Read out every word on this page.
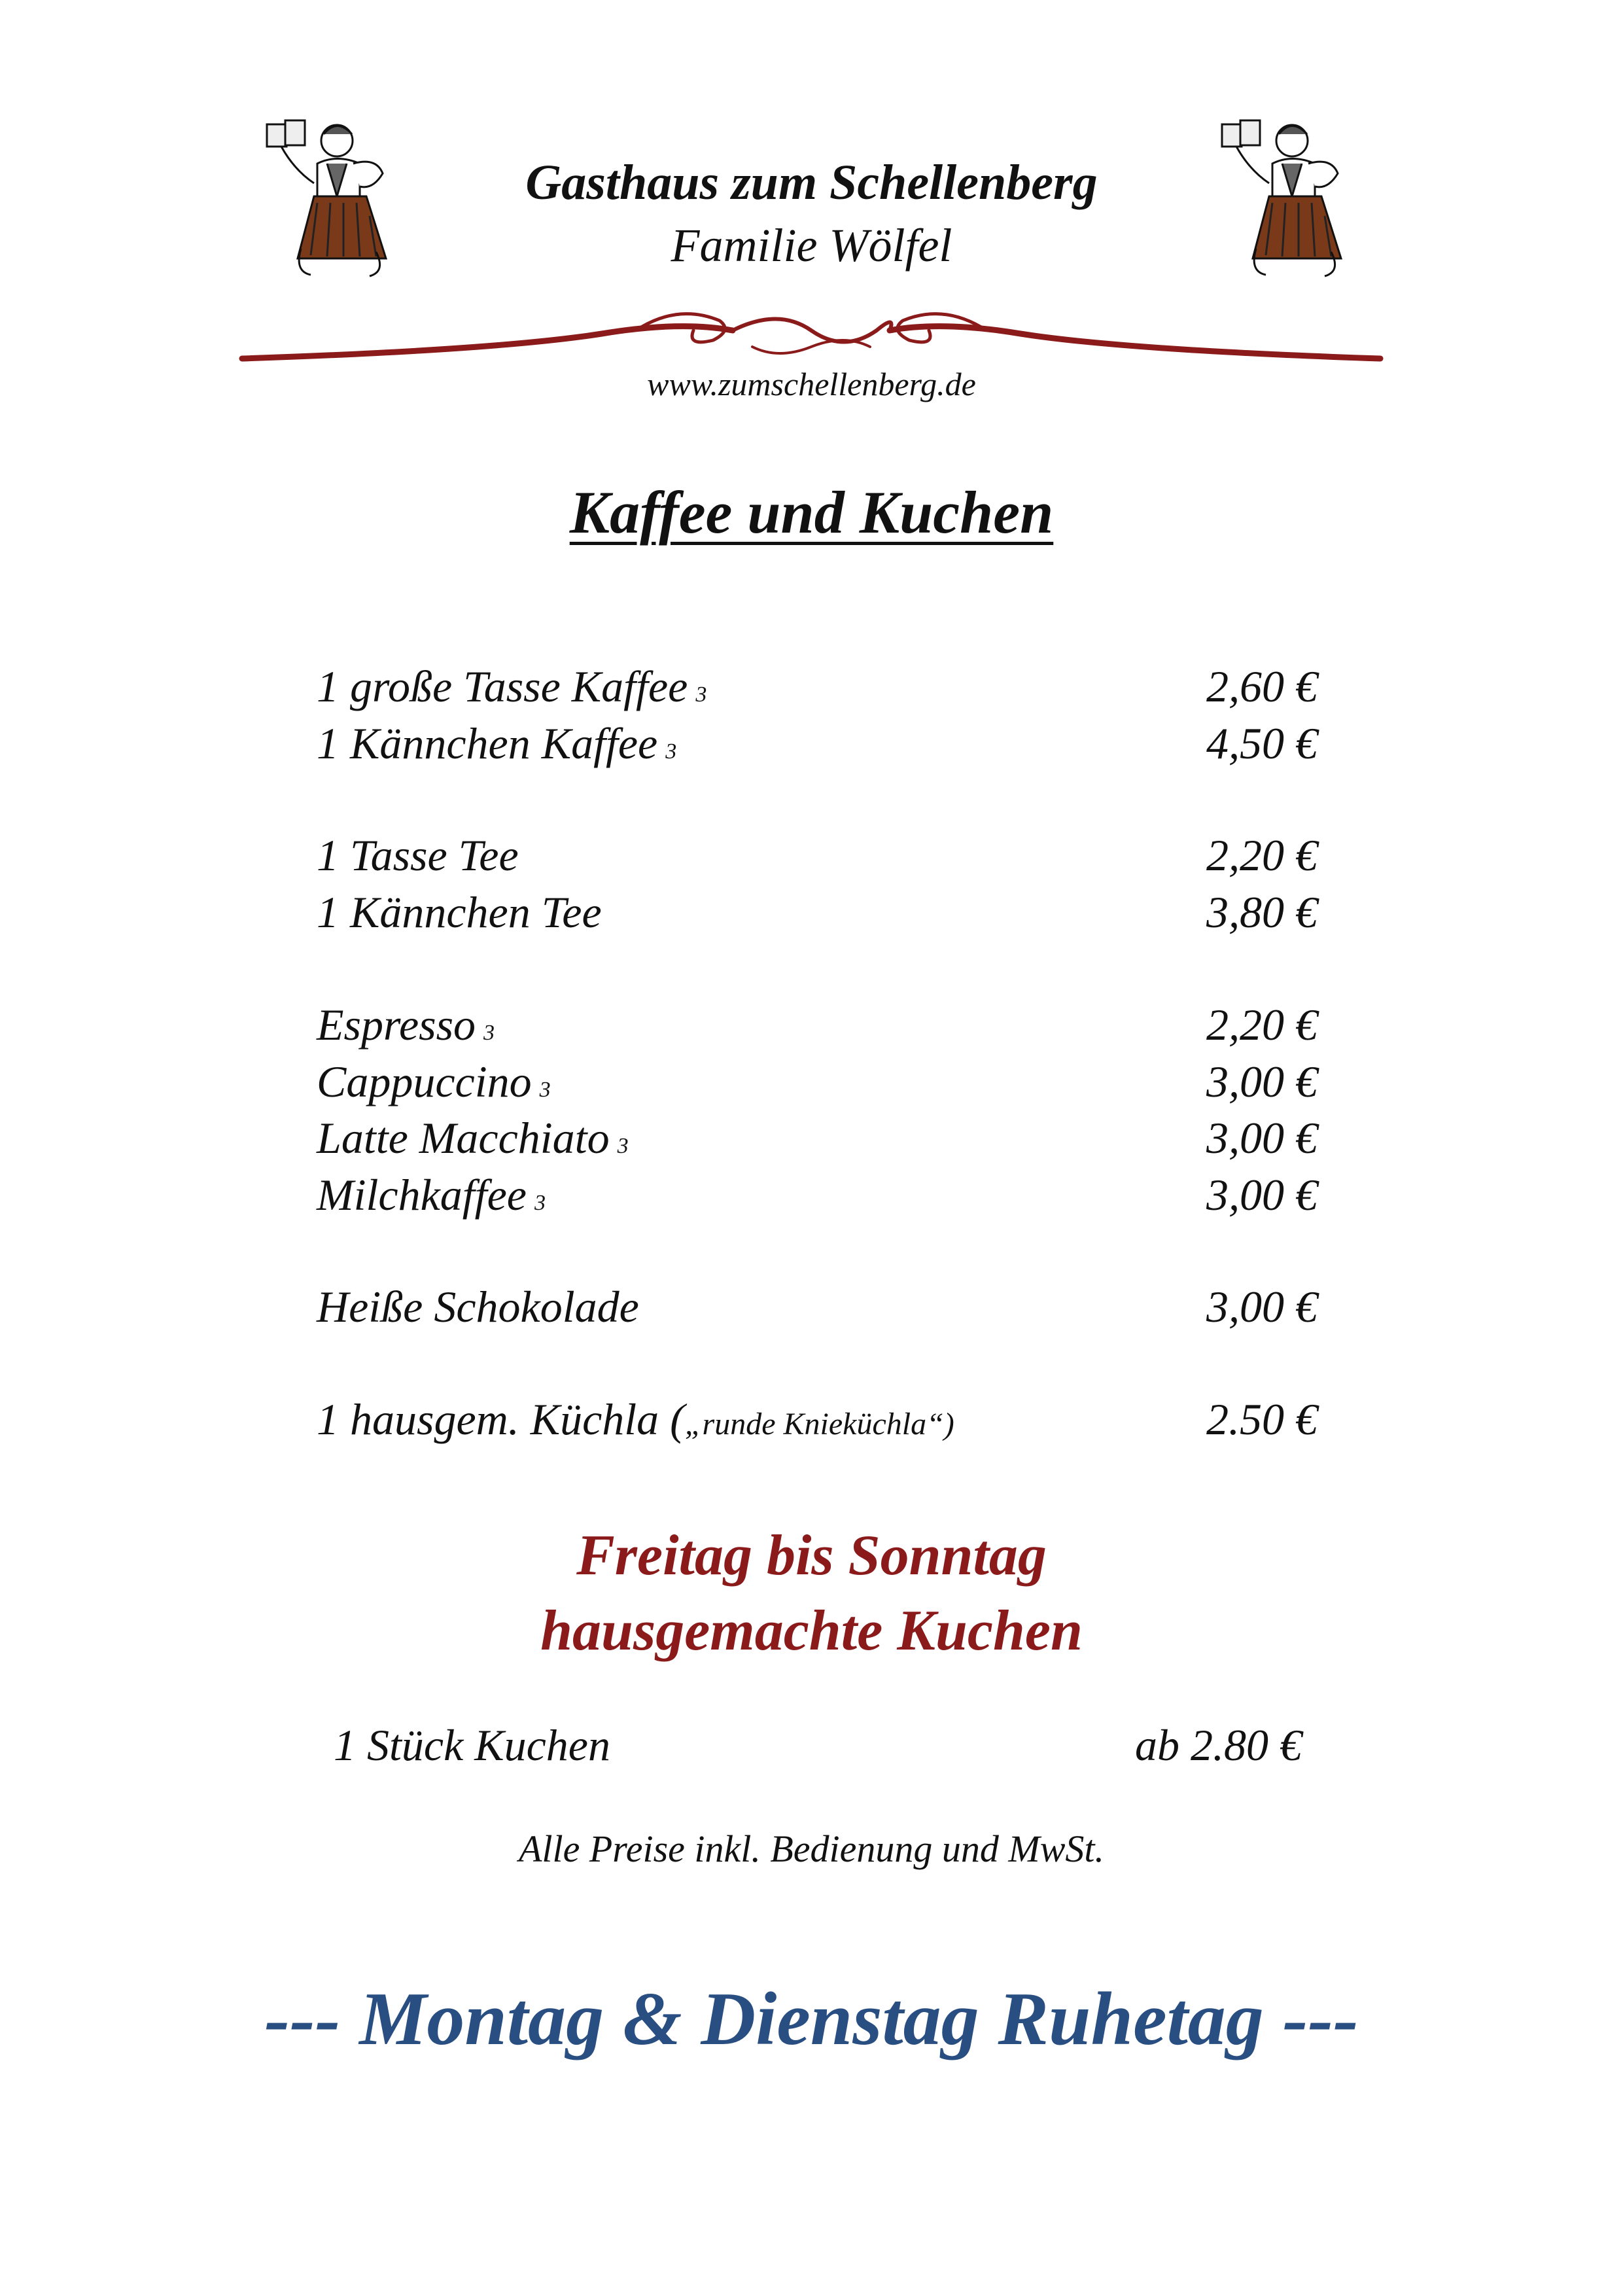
Gasthaus zum Schellenberg
Familie Wölfel
www.zumschellenberg.de
Kaffee und Kuchen
1 große Tasse Kaffee 3	2,60 €
1 Kännchen Kaffee 3	4,50 €
1 Tasse Tee	2,20 €
1 Kännchen Tee	3,80 €
Espresso 3	2,20 €
Cappuccino 3	3,00 €
Latte Macchiato 3	3,00 €
Milchkaffee 3	3,00 €
Heiße Schokolade	3,00 €
1 hausgem. Küchla („runde Knieküchla“)	2.50 €
Freitag bis Sonntag
hausgemachte Kuchen
1 Stück Kuchen	ab 2.80 €
Alle Preise inkl. Bedienung und MwSt.
--- Montag & Dienstag Ruhetag ---
